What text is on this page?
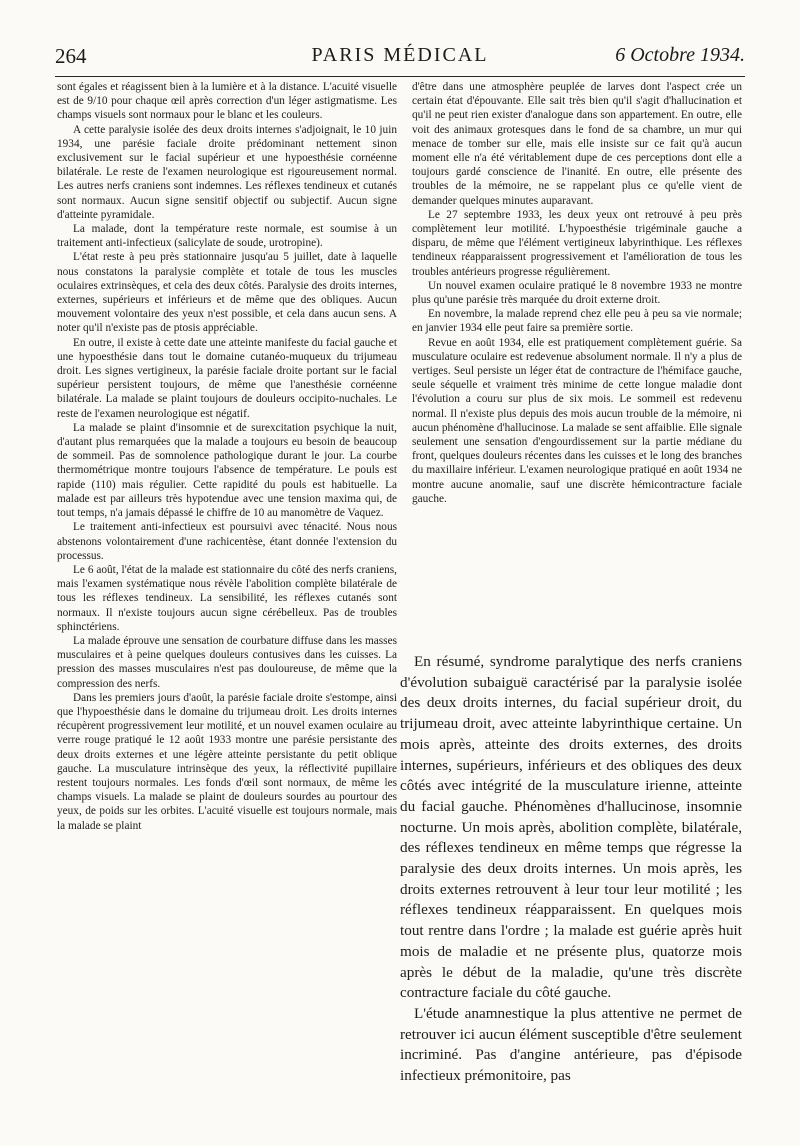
264	PARIS MÉDICAL	6 Octobre 1934.

sont égales et réagissent bien à la lumière et à la distance. L'acuité visuelle est de 9/10 pour chaque œil après correction d'un léger astigmatisme. Les champs visuels sont normaux pour le blanc et les couleurs.

A cette paralysie isolée des deux droits internes s'adjoignait, le 10 juin 1934, une parésie faciale droite prédominant nettement sinon exclusivement sur le facial supérieur et une hypoesthésie cornéenne bilatérale. Le reste de l'examen neurologique est rigoureusement normal. Les autres nerfs craniens sont indemnes. Les réflexes tendineux et cutanés sont normaux. Aucun signe sensitif objectif ou subjectif. Aucun signe d'atteinte pyramidale.

La malade, dont la température reste normale, est soumise à un traitement anti-infectieux (salicylate de soude, urotropine).

L'état reste à peu près stationnaire jusqu'au 5 juillet, date à laquelle nous constatons la paralysie complète et totale de tous les muscles oculaires extrinsèques, et cela des deux côtés. Paralysie des droits internes, externes, supérieurs et inférieurs et de même que des obliques. Aucun mouvement volontaire des yeux n'est possible, et cela dans aucun sens. A noter qu'il n'existe pas de ptosis appréciable.

En outre, il existe à cette date une atteinte manifeste du facial gauche et une hypoesthésie dans tout le domaine cutanéo-muqueux du trijumeau droit. Les signes vertigineux, la parésie faciale droite portant sur le facial supérieur persistent toujours, de même que l'anesthésie cornéenne bilatérale. La malade se plaint toujours de douleurs occipito-nuchales. Le reste de l'examen neurologique est négatif.

La malade se plaint d'insomnie et de surexcitation psychique la nuit, d'autant plus remarquées que la malade a toujours eu besoin de beaucoup de sommeil. Pas de somnolence pathologique durant le jour. La courbe thermométrique montre toujours l'absence de température. Le pouls est rapide (110) mais régulier. Cette rapidité du pouls est habituelle. La malade est par ailleurs très hypotendue avec une tension maxima qui, de tout temps, n'a jamais dépassé le chiffre de 10 au manomètre de Vaquez.

Le traitement anti-infectieux est poursuivi avec ténacité. Nous nous abstenons volontairement d'une rachicentèse, étant donnée l'extension du processus.

Le 6 août, l'état de la malade est stationnaire du côté des nerfs craniens, mais l'examen systématique nous révèle l'abolition complète bilatérale de tous les réflexes tendineux. La sensibilité, les réflexes cutanés sont normaux. Il n'existe toujours aucun signe cérébelleux. Pas de troubles sphinctériens.

La malade éprouve une sensation de courbature diffuse dans les masses musculaires et à peine quelques douleurs contusives dans les cuisses. La pression des masses musculaires n'est pas douloureuse, de même que la compression des nerfs.

Dans les premiers jours d'août, la parésie faciale droite s'estompe, ainsi que l'hypoesthésie dans le domaine du trijumeau droit. Les droits internes récupèrent progressivement leur motilité, et un nouvel examen oculaire au verre rouge pratiqué le 12 août 1933 montre une parésie persistante des deux droits externes et une légère atteinte persistante du petit oblique gauche. La musculature intrinsèque des yeux, la réflectivité pupillaire restent toujours normales. Les fonds d'œil sont normaux, de même les champs visuels. La malade se plaint de douleurs sourdes au pourtour des yeux, de poids sur les orbites. L'acuité visuelle est toujours normale, mais la malade se plaint

d'être dans une atmosphère peuplée de larves dont l'aspect crée un certain état d'épouvante. Elle sait très bien qu'il s'agit d'hallucination et qu'il ne peut rien exister d'analogue dans son appartement. En outre, elle voit des animaux grotesques dans le fond de sa chambre, un mur qui menace de tomber sur elle, mais elle insiste sur ce fait qu'à aucun moment elle n'a été véritablement dupe de ces perceptions dont elle a toujours gardé conscience de l'inanité. En outre, elle présente des troubles de la mémoire, ne se rappelant plus ce qu'elle vient de demander quelques minutes auparavant.

Le 27 septembre 1933, les deux yeux ont retrouvé à peu près complètement leur motilité. L'hypoesthésie trigéminale gauche a disparu, de même que l'élément vertigineux labyrinthique. Les réflexes tendineux réapparaissent progressivement et l'amélioration de tous les troubles antérieurs progresse régulièrement.

Un nouvel examen oculaire pratiqué le 8 novembre 1933 ne montre plus qu'une parésie très marquée du droit externe droit.

En novembre, la malade reprend chez elle peu à peu sa vie normale; en janvier 1934 elle peut faire sa première sortie.

Revue en août 1934, elle est pratiquement complètement guérie. Sa musculature oculaire est redevenue absolument normale. Il n'y a plus de vertiges. Seul persiste un léger état de contracture de l'hémiface gauche, seule séquelle et vraiment très minime de cette longue maladie dont l'évolution a couru sur plus de six mois. Le sommeil est redevenu normal. Il n'existe plus depuis des mois aucun trouble de la mémoire, ni aucun phénomène d'hallucinose. La malade se sent affaiblie. Elle signale seulement une sensation d'engourdissement sur la partie médiane du front, quelques douleurs récentes dans les cuisses et le long des branches du maxillaire inférieur. L'examen neurologique pratiqué en août 1934 ne montre aucune anomalie, sauf une discrète hémicontracture faciale gauche.

En résumé, syndrome paralytique des nerfs craniens d'évolution subaiguë caractérisé par la paralysie isolée des deux droits internes, du facial supérieur droit, du trijumeau droit, avec atteinte labyrinthique certaine. Un mois après, atteinte des droits externes, des droits internes, supérieurs, inférieurs et des obliques des deux côtés avec intégrité de la musculature irienne, atteinte du facial gauche. Phénomènes d'hallucinose, insomnie nocturne. Un mois après, abolition complète, bilatérale, des réflexes tendineux en même temps que régresse la paralysie des deux droits internes. Un mois après, les droits externes retrouvent à leur tour leur motilité ; les réflexes tendineux réapparaissent. En quelques mois tout rentre dans l'ordre ; la malade est guérie après huit mois de maladie et ne présente plus, quatorze mois après le début de la maladie, qu'une très discrète contracture faciale du côté gauche.

L'étude anamnestique la plus attentive ne permet de retrouver ici aucun élément susceptible d'être seulement incriminé. Pas d'angine antérieure, pas d'épisode infectieux prémonitoire, pas
